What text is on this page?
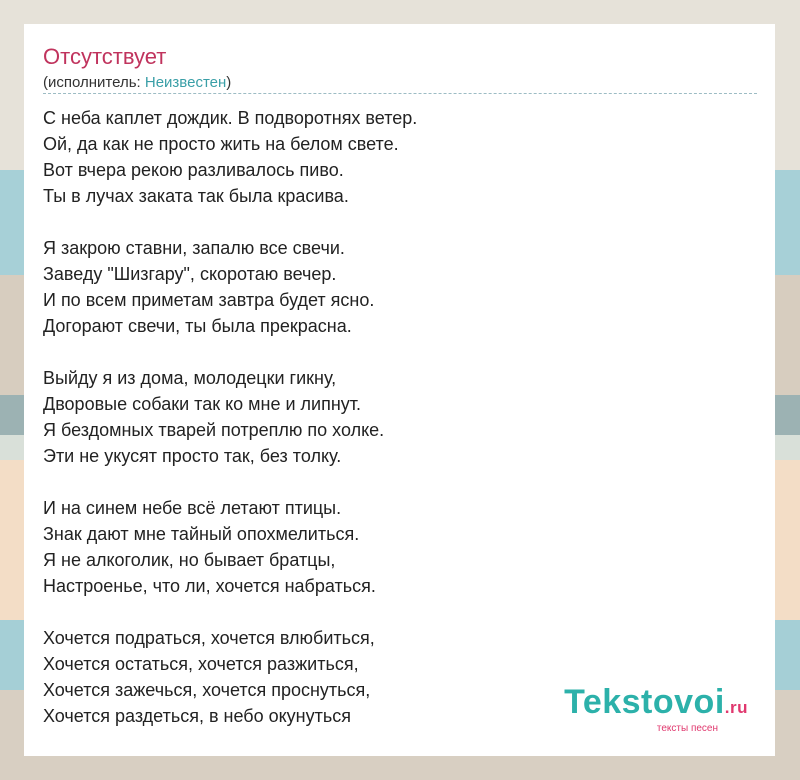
Отсутствует
(исполнитель: Неизвестен)
С неба каплет дождик. В подворотнях ветер.
Ой, да как не просто жить на белом свете.
Вот вчера рекою разливалось пиво.
Ты в лучах заката так была красива.
Я закрою ставни, запалю все свечи.
Заведу "Шизгару", скоротаю вечер.
И по всем приметам завтра будет ясно.
Догорают свечи, ты была прекрасна.
Выйду я из дома, молодецки гикну,
Дворовые собаки так ко мне и липнут.
Я бездомных тварей потреплю по холке.
Эти не укусят просто так, без толку.
И на синем небе всё летают птицы.
Знак дают мне тайный опохмелиться.
Я не алкоголик, но бывает братцы,
Настроенье, что ли, хочется набраться.
Хочется подраться, хочется влюбиться,
Хочется остаться, хочется разжиться,
Хочется зажечься, хочется проснуться,
Хочется раздеться, в небо окунуться	Tekstovoi.ru
тексты песен
